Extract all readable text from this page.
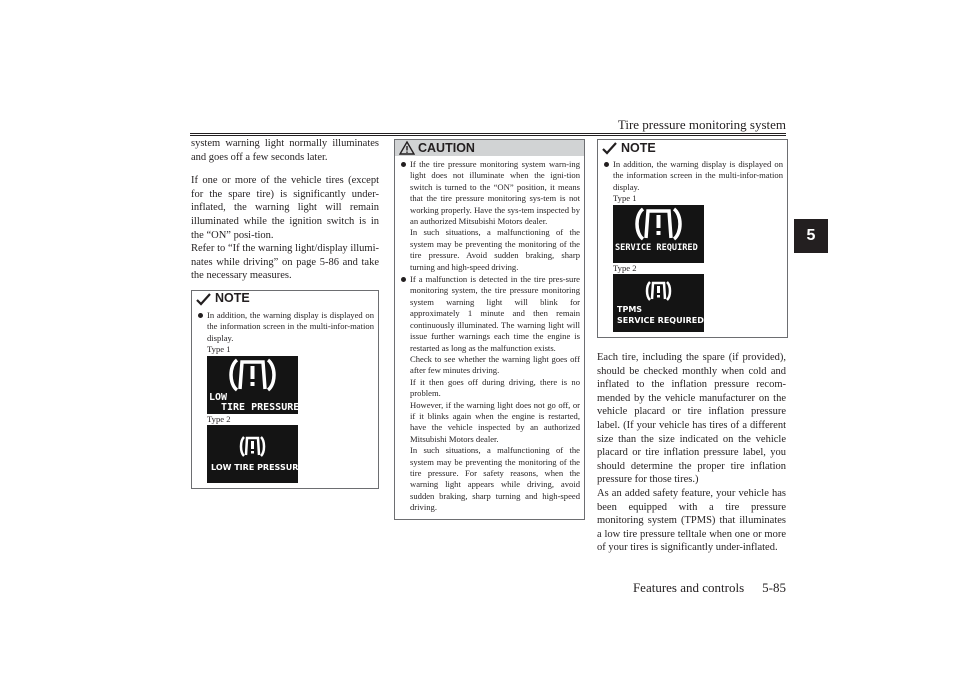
Tire pressure monitoring system
5

system warning light normally illuminates and goes off a few seconds later.

If one or more of the vehicle tires (except for the spare tire) is significantly under-inflated, the warning light will remain illuminated while the ignition switch is in the “ON” posi-tion.

Refer to “If the warning light/display illumi-nates while driving” on page 5-86 and take the necessary measures.

NOTE

In addition, the warning display is displayed on the information screen in the multi-infor-mation display.

Type 1

LOW
TIRE PRESSURE

Type 2

LOW TIRE PRESSURE
CAUTION

If the tire pressure monitoring system warn-ing light does not illuminate when the igni-tion switch is turned to the “ON” position, it means that the tire pressure monitoring sys-tem is not working properly. Have the sys-tem inspected by an authorized Mitsubishi Motors dealer.

In such situations, a malfunctioning of the system may be preventing the monitoring of the tire pressure. Avoid sudden braking, sharp turning and high-speed driving.

If a malfunction is detected in the tire pres-sure monitoring system, the tire pressure monitoring system warning light will blink for approximately 1 minute and then remain continuously illuminated. The warning light will issue further warnings each time the engine is restarted as long as the malfunction exists.

Check to see whether the warning light goes off after few minutes driving.

If it then goes off during driving, there is no problem.

However, if the warning light does not go off, or if it blinks again when the engine is restarted, have the vehicle inspected by an authorized Mitsubishi Motors dealer.

In such situations, a malfunctioning of the system may be preventing the monitoring of the tire pressure. For safety reasons, when the warning light appears while driving, avoid sudden braking, sharp turning and high-speed driving.

NOTE

In addition, the warning display is displayed on the information screen in the multi-infor-mation display.

Type 1

SERVICE REQUIRED

Type 2

TPMS
SERVICE REQUIRED

Each tire, including the spare (if provided), should be checked monthly when cold and inflated to the inflation pressure recom-mended by the vehicle manufacturer on the vehicle placard or tire inflation pressure label. (If your vehicle has tires of a different size than the size indicated on the vehicle placard or tire inflation pressure label, you should determine the proper tire inflation pressure for those tires.)

As an added safety feature, your vehicle has been equipped with a tire pressure monitoring system (TPMS) that illuminates a low tire pressure telltale when one or more of your tires is significantly under-inflated.

Features and controls 5-85
